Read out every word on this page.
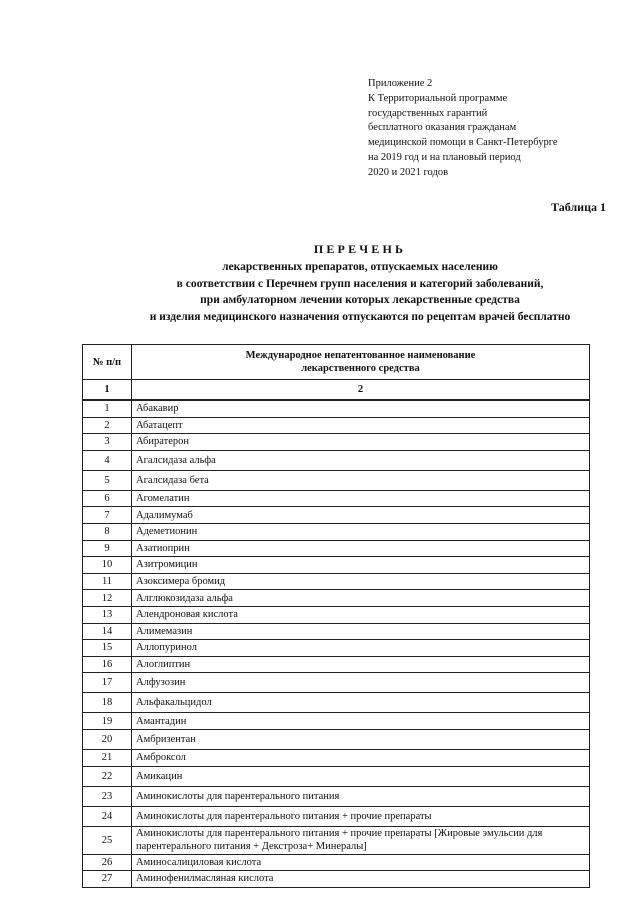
Приложение 2
К Территориальной программе
государственных гарантий
бесплатного оказания гражданам
медицинской помощи в Санкт-Петербурге
на 2019 год и на плановый период
2020 и 2021 годов
Таблица 1
ПЕРЕЧЕНЬ
лекарственных препаратов, отпускаемых населению
в соответствии с Перечнем групп населения и категорий заболеваний,
при амбулаторном лечении которых лекарственные средства
и изделия медицинского назначения отпускаются по рецептам врачей бесплатно
№ п/п	Международное непатентованное наименование
лекарственного средства

1	2
1	Абакавир
2	Абатацепт
3	Абиратерон
4	Агалсидаза альфа
5	Агалсидаза бета
6	Агомелатин
7	Адалимумаб
8	Адеметионин
9	Азатиоприн
10	Азитромицин
11	Азоксимера бромид
12	Алглюкозидаза альфа
13	Алендроновая кислота
14	Алимемазин
15	Аллопуринол
16	Алоглиптин
17	Алфузозин
18	Альфакальцидол
19	Амантадин
20	Амбризентан
21	Амброксол
22	Амикацин
23	Аминокислоты для парентерального питания
24	Аминокислоты для парентерального питания + прочие препараты
25	Аминокислоты для парентерального питания + прочие препараты [Жировые эмульсии для парентерального питания + Декстроза+ Минералы]
26	Аминосалициловая кислота
27	Аминофенилмасляная кислота
